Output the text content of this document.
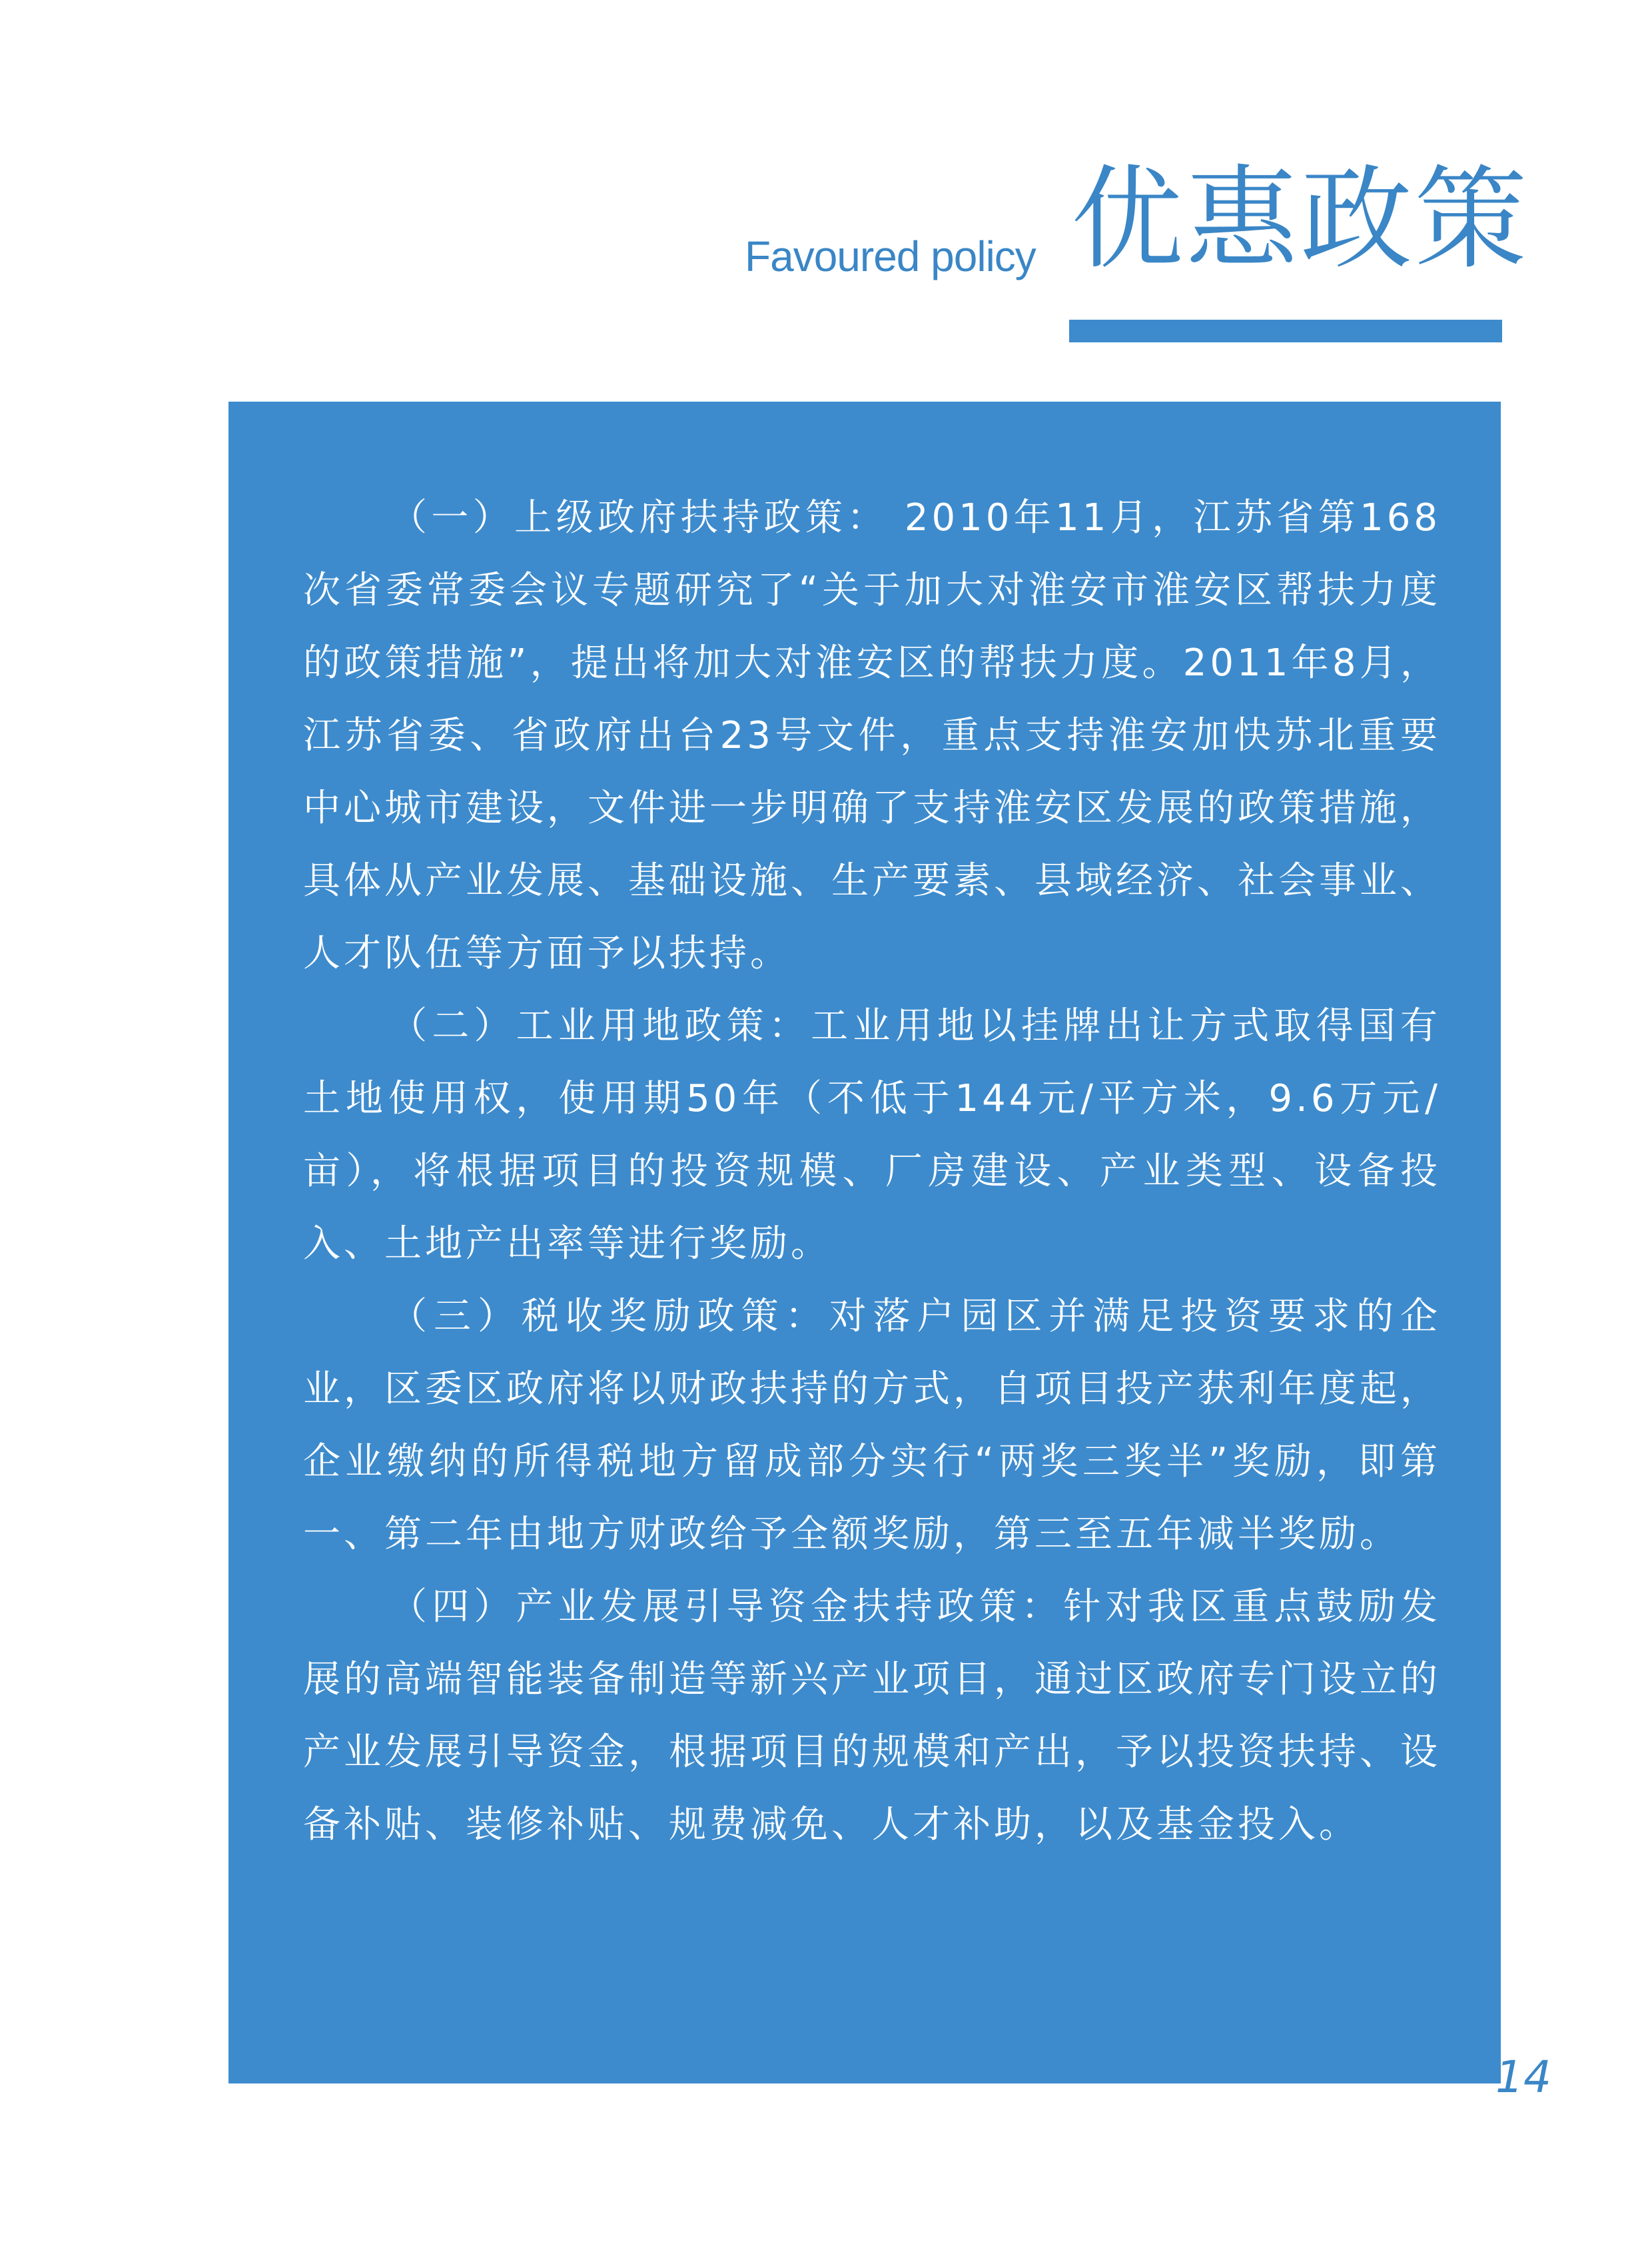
Favoured policy 优惠政策

（一）上级政府扶持政策： 2010年11月，江苏省第168次省委常委会议专题研究了“关于加大对淮安市淮安区帮扶力度的政策措施”，提出将加大对淮安区的帮扶力度。2011年8月，江苏省委、省政府出台23号文件，重点支持淮安加快苏北重要中心城市建设，文件进一步明确了支持淮安区发展的政策措施，具体从产业发展、基础设施、生产要素、县域经济、社会事业、人才队伍等方面予以扶持。

（二）工业用地政策：工业用地以挂牌出让方式取得国有土地使用权，使用期50年（不低于144元/平方米，9.6万元/亩），将根据项目的投资规模、厂房建设、产业类型、设备投入、土地产出率等进行奖励。

（三）税收奖励政策：对落户园区并满足投资要求的企业，区委区政府将以财政扶持的方式，自项目投产获利年度起，企业缴纳的所得税地方留成部分实行“两奖三奖半”奖励，即第一、第二年由地方财政给予全额奖励，第三至五年减半奖励。

（四）产业发展引导资金扶持政策：针对我区重点鼓励发展的高端智能装备制造等新兴产业项目，通过区政府专门设立的产业发展引导资金，根据项目的规模和产出，予以投资扶持、设备补贴、装修补贴、规费减免、人才补助，以及基金投入。

14
